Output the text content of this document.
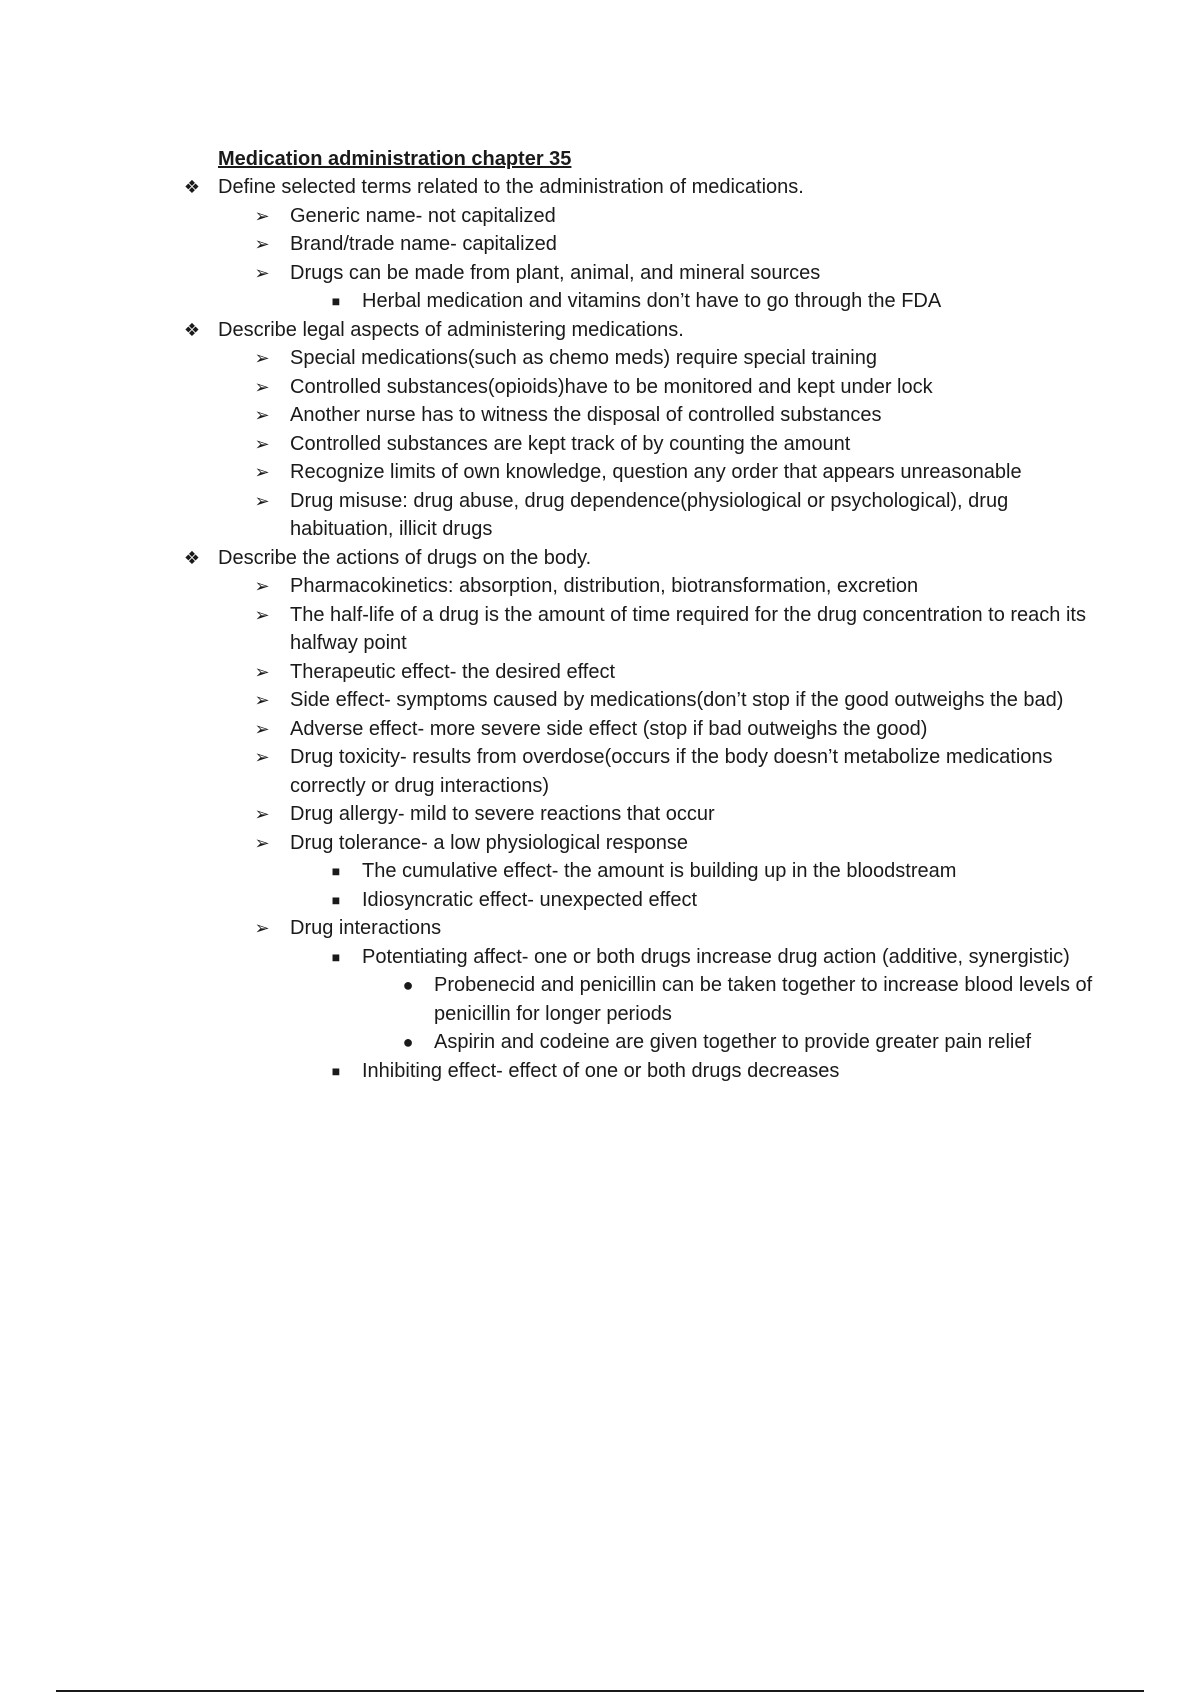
Medication administration chapter 35
❖ Define selected terms related to the administration of medications.
➢ Generic name- not capitalized
➢ Brand/trade name- capitalized
➢ Drugs can be made from plant, animal, and mineral sources
■ Herbal medication and vitamins don’t have to go through the FDA
❖ Describe legal aspects of administering medications.
➢ Special medications(such as chemo meds) require special training
➢ Controlled substances(opioids)have to be monitored and kept under lock
➢ Another nurse has to witness the disposal of controlled substances
➢ Controlled substances are kept track of by counting the amount
➢ Recognize limits of own knowledge, question any order that appears unreasonable
➢ Drug misuse: drug abuse, drug dependence(physiological or psychological), drug habituation, illicit drugs
❖ Describe the actions of drugs on the body.
➢ Pharmacokinetics: absorption, distribution, biotransformation, excretion
➢ The half-life of a drug is the amount of time required for the drug concentration to reach its halfway point
➢ Therapeutic effect- the desired effect
➢ Side effect- symptoms caused by medications(don’t stop if the good outweighs the bad)
➢ Adverse effect- more severe side effect (stop if bad outweighs the good)
➢ Drug toxicity- results from overdose(occurs if the body doesn’t metabolize medications correctly or drug interactions)
➢ Drug allergy- mild to severe reactions that occur
➢ Drug tolerance- a low physiological response
■ The cumulative effect- the amount is building up in the bloodstream
■ Idiosyncratic effect- unexpected effect
➢ Drug interactions
■ Potentiating affect- one or both drugs increase drug action (additive, synergistic)
● Probenecid and penicillin can be taken together to increase blood levels of penicillin for longer periods
● Aspirin and codeine are given together to provide greater pain relief
■ Inhibiting effect- effect of one or both drugs decreases
